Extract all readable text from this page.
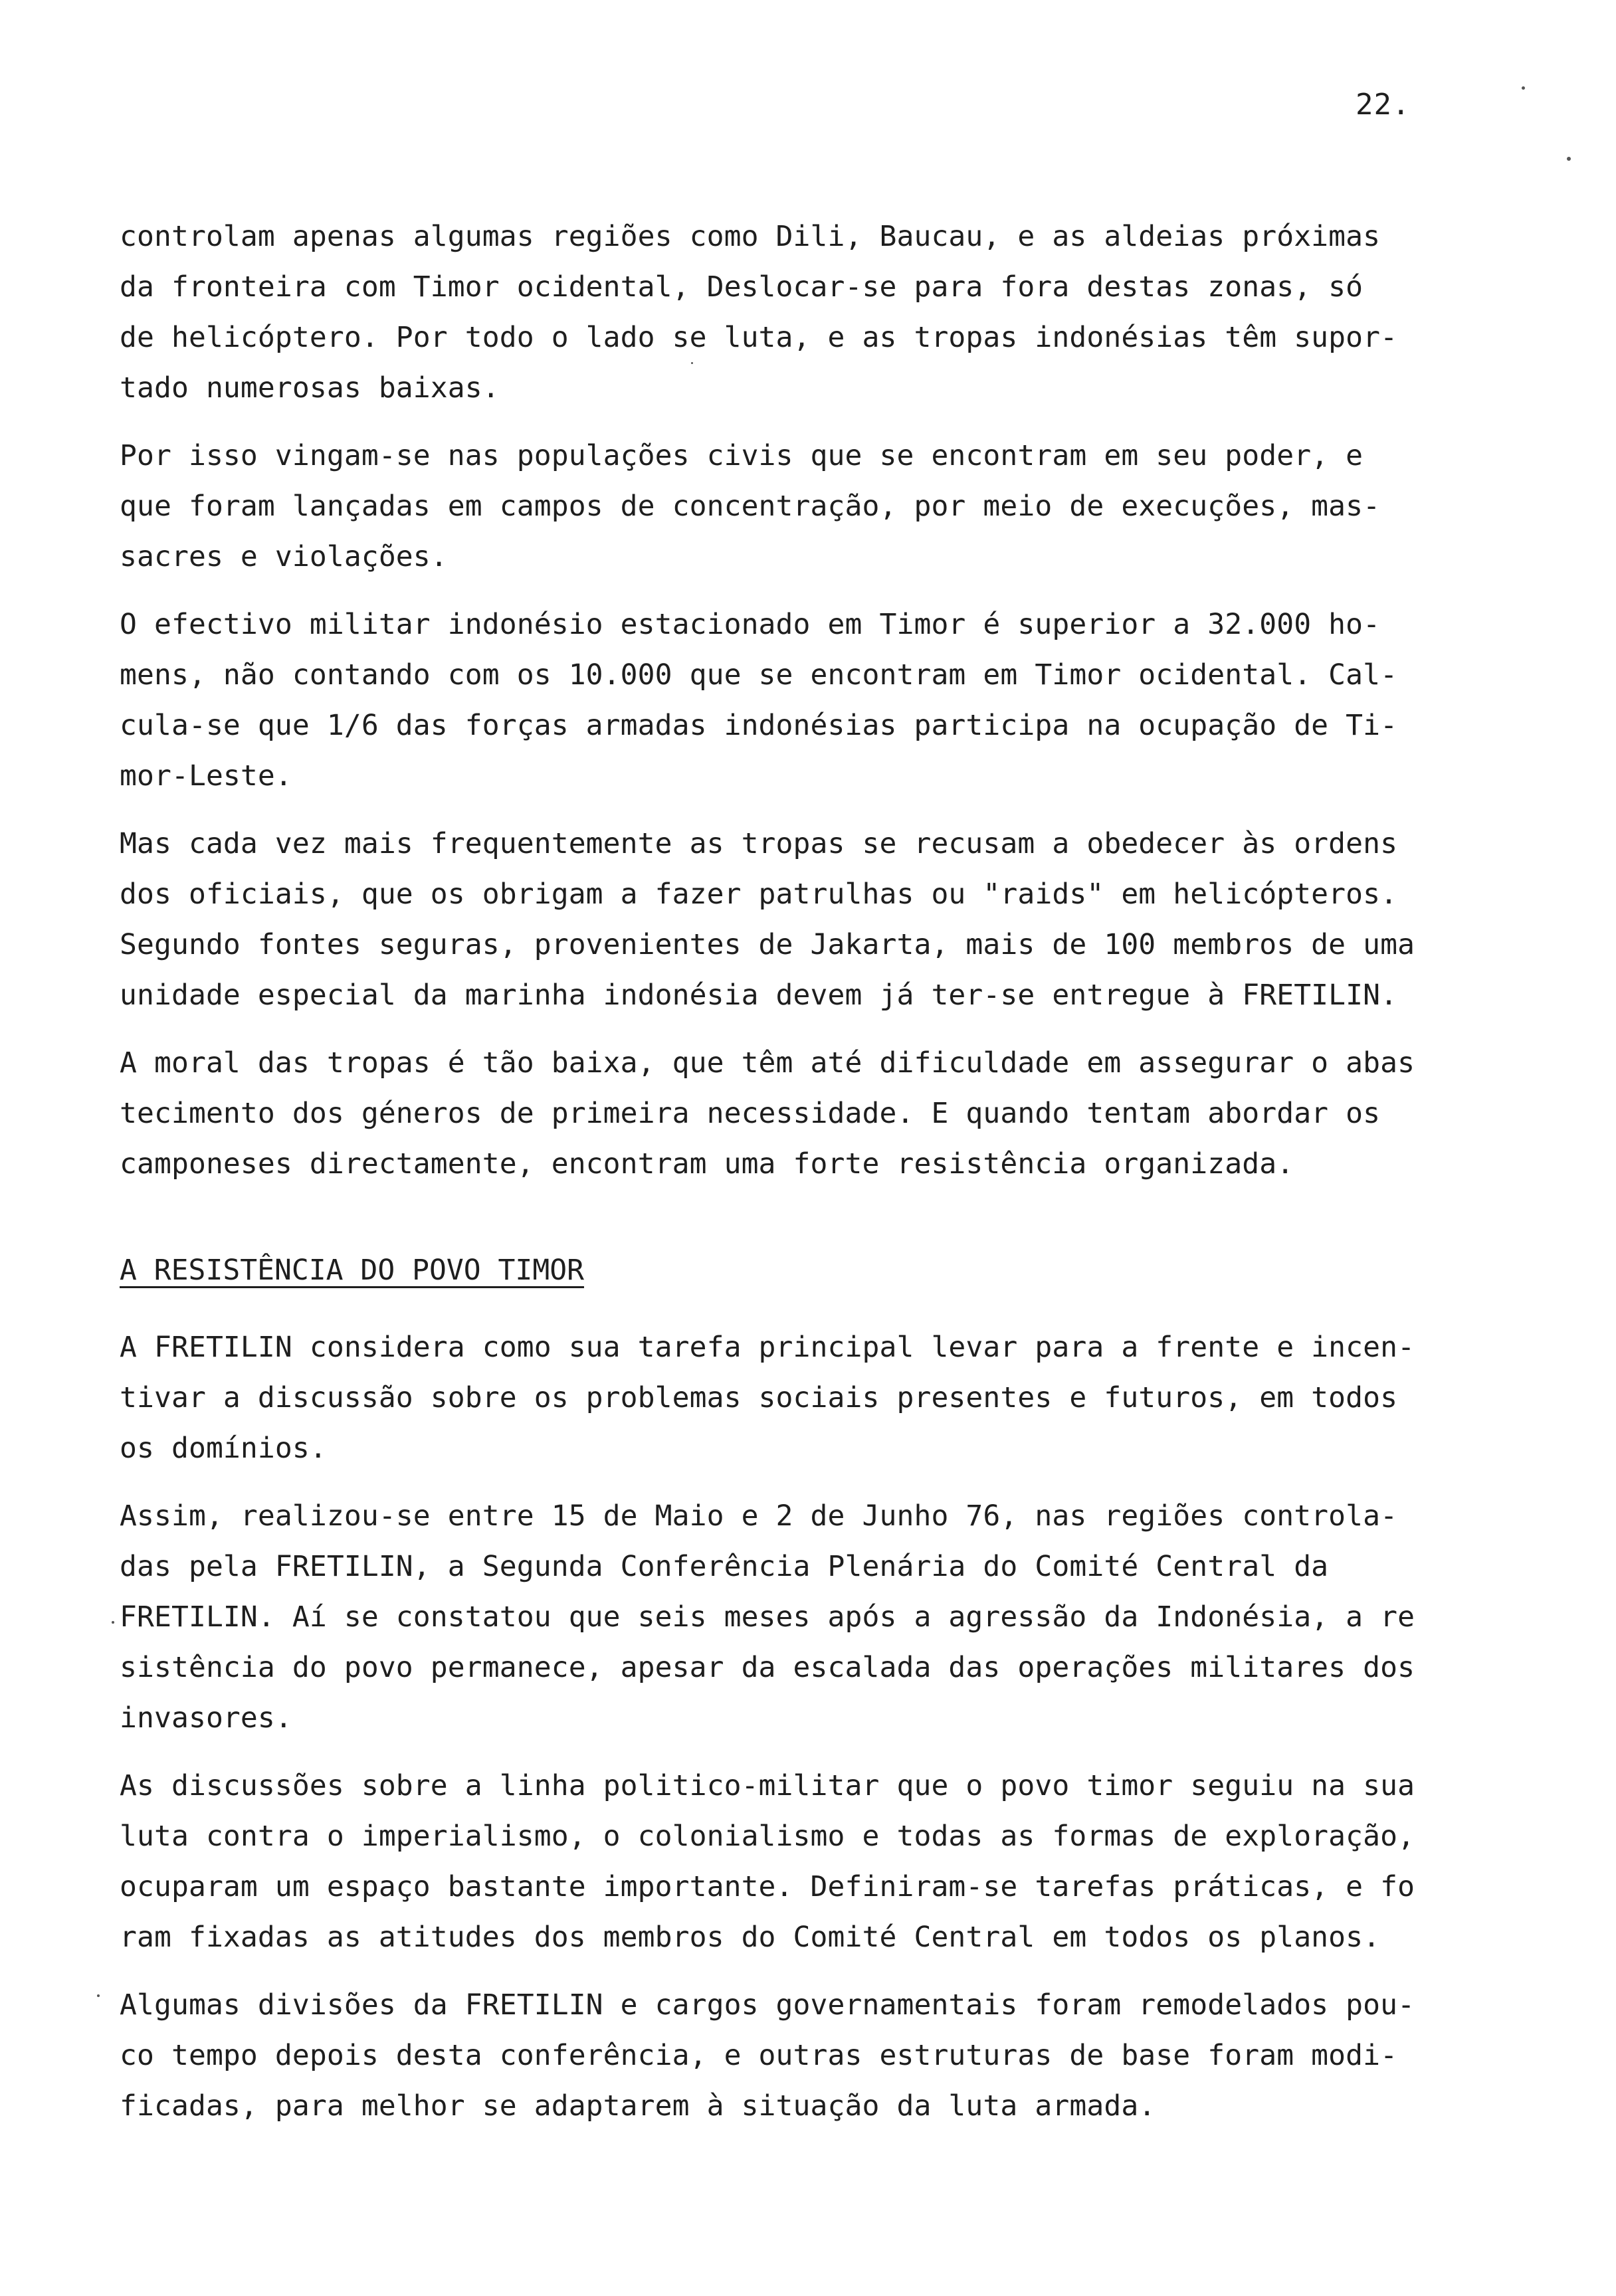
22.
controlam apenas algumas regiões como Dili, Baucau, e as aldeias próximas
da fronteira com Timor ocidental, Deslocar-se para fora destas zonas, só
de helicóptero. Por todo o lado se luta, e as tropas indonésias têm supor-
tado numerosas baixas.
Por isso vingam-se nas populações civis que se encontram em seu poder, e
que foram lançadas em campos de concentração, por meio de execuções, mas-
sacres e violações.
O efectivo militar indonésio estacionado em Timor é superior a 32.000 ho-
mens, não contando com os 10.000 que se encontram em Timor ocidental. Cal-
cula-se que 1/6 das forças armadas indonésias participa na ocupação de Ti-
mor-Leste.
Mas cada vez mais frequentemente as tropas se recusam a obedecer às ordens
dos oficiais, que os obrigam a fazer patrulhas ou "raids" em helicópteros.
Segundo fontes seguras, provenientes de Jakarta, mais de 100 membros de uma
unidade especial da marinha indonésia devem já ter-se entregue à FRETILIN.
A moral das tropas é tão baixa, que têm até dificuldade em assegurar o abas
tecimento dos géneros de primeira necessidade. E quando tentam abordar os
camponeses directamente, encontram uma forte resistência organizada.
A RESISTÊNCIA DO POVO TIMOR
A FRETILIN considera como sua tarefa principal levar para a frente e incen-
tivar a discussão sobre os problemas sociais presentes e futuros, em todos
os domínios.
Assim, realizou-se entre 15 de Maio e 2 de Junho 76, nas regiões controla-
das pela FRETILIN, a Segunda Conferência Plenária do Comité Central da
FRETILIN. Aí se constatou que seis meses após a agressão da Indonésia, a re
sistência do povo permanece, apesar da escalada das operações militares dos
invasores.
As discussões sobre a linha politico-militar que o povo timor seguiu na sua
luta contra o imperialismo, o colonialismo e todas as formas de exploração,
ocuparam um espaço bastante importante. Definiram-se tarefas práticas, e fo
ram fixadas as atitudes dos membros do Comité Central em todos os planos.
Algumas divisões da FRETILIN e cargos governamentais foram remodelados pou-
co tempo depois desta conferência, e outras estruturas de base foram modi-
ficadas, para melhor se adaptarem à situação da luta armada.
